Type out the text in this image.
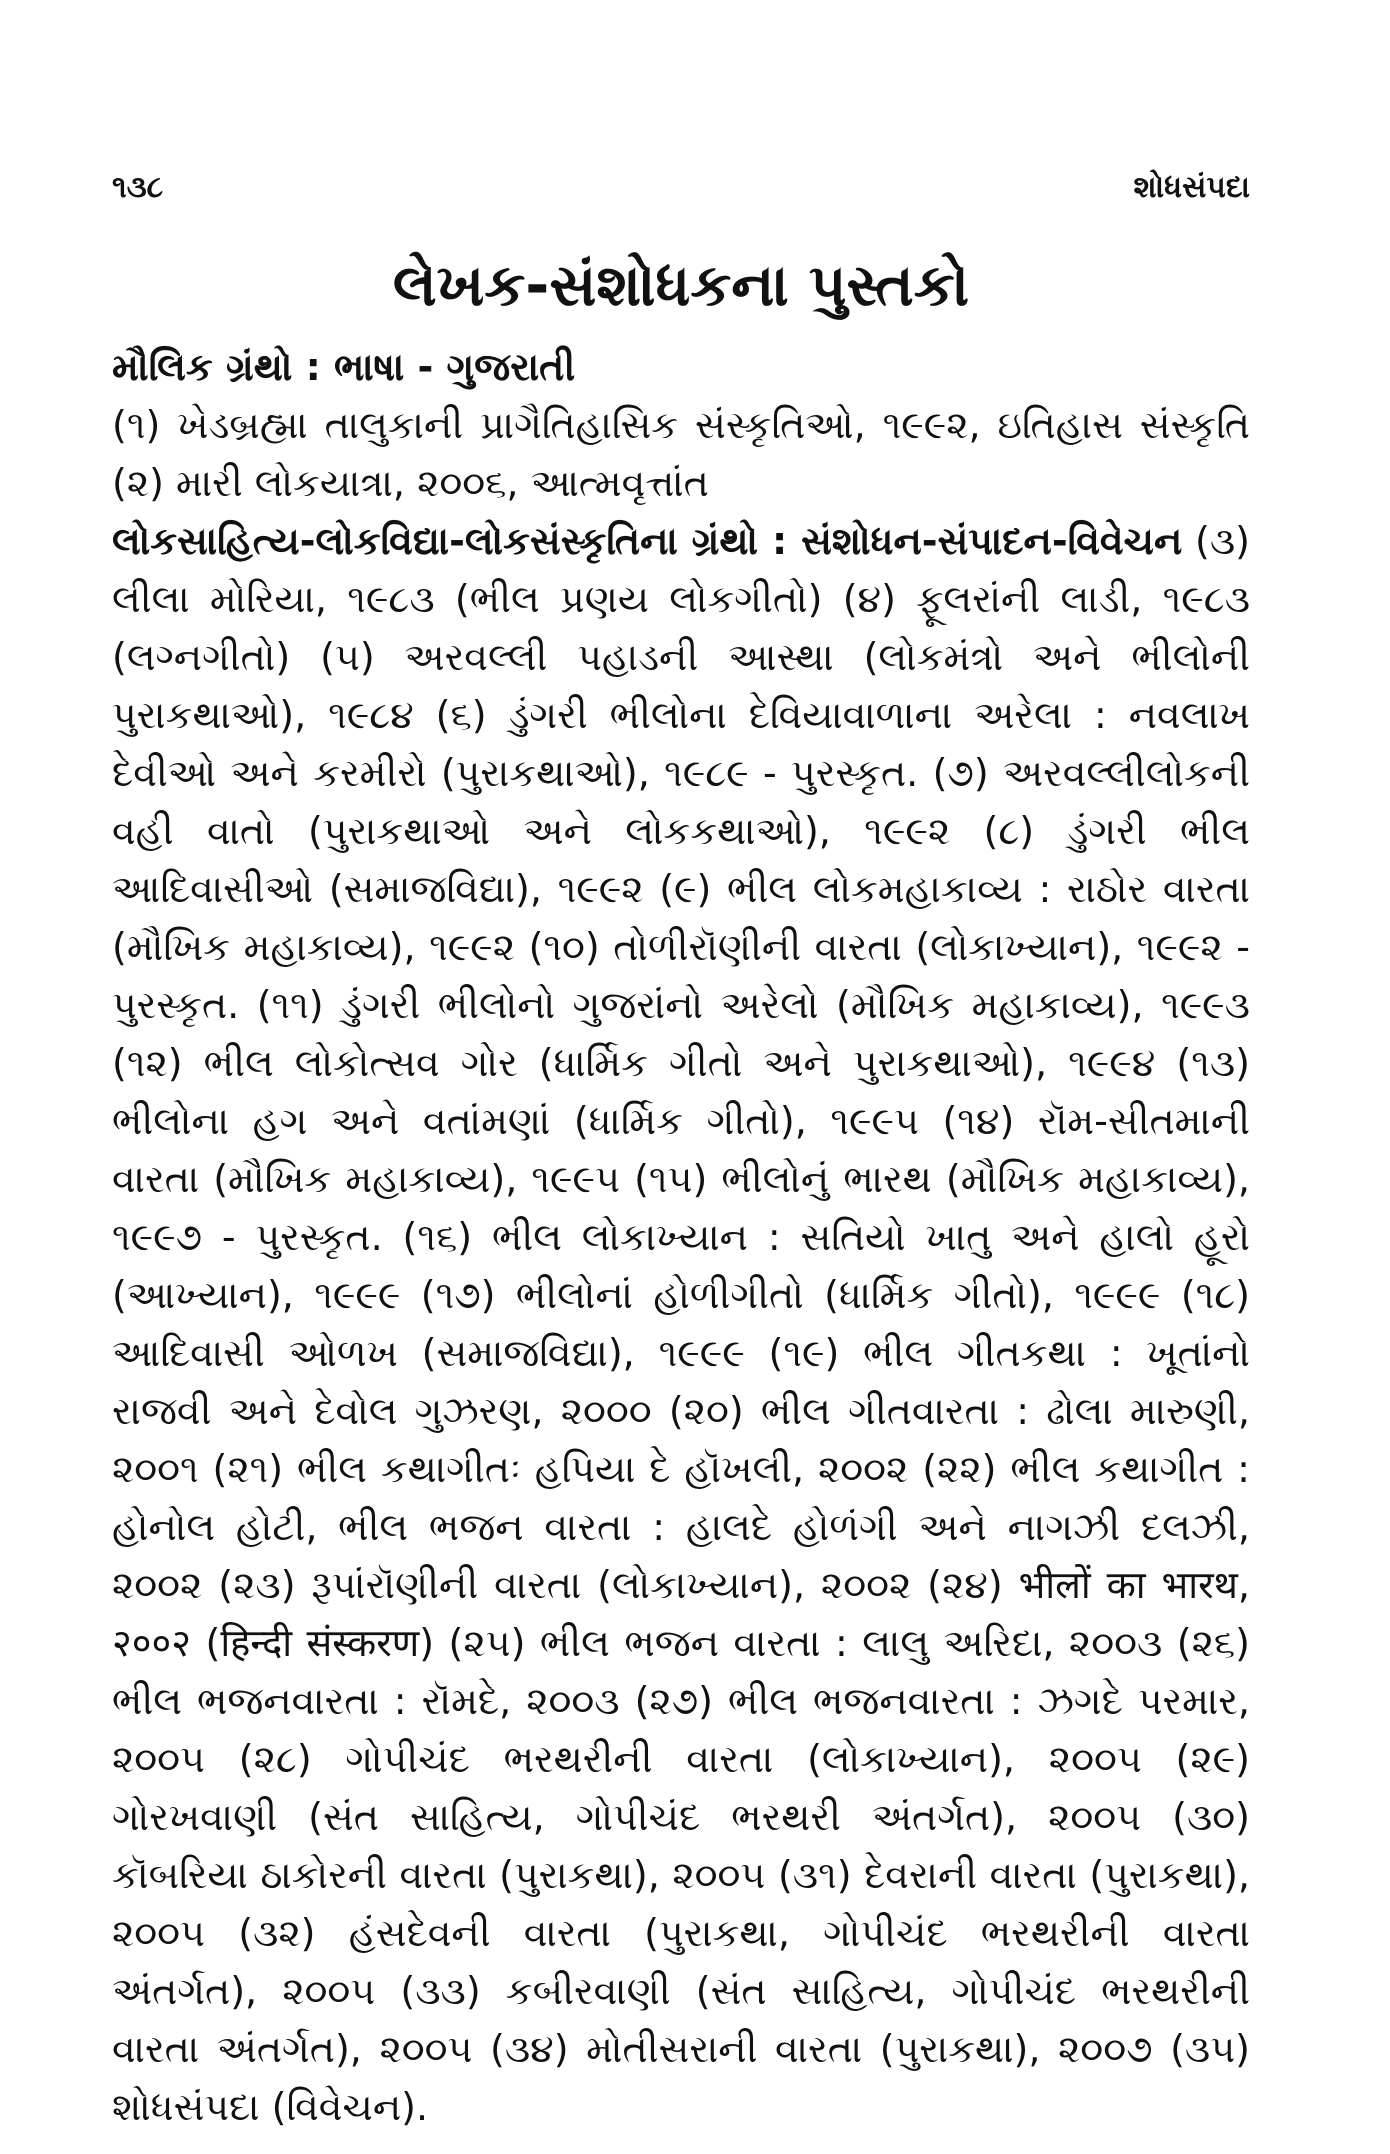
૧૩૮	શોધસંપદા
લેખક-સંશોધકના પુસ્તકો
મૌલિક ગ્રંથો : ભાષા - ગુજરાતી
(૧) ખેડબ્રહ્મા તાલુકાની પ્રાગૈતિહાસિક સંસ્કૃતિઓ, ૧૯૯૨, ઇતિહાસ સંસ્કૃતિ (૨) મારી લોકયાત્રા, ૨૦૦૬, આત્મવૃત્તાંત
લોકસાહિત્ય-લોકવિદ્યા-લોકસંસ્કૃતિના ગ્રંથો : સંશોધન-સંપાદન-વિવેચન (૩) લીલા મોરિયા, ૧૯૮૩ (ભીલ પ્રણય લોકગીતો) (૪) ફૂલરાંની લાડી, ૧૯૮૩ (લગ્નગીતો) (૫) અરવલ્લી પહાડની આસ્થા (લોકમંત્રો અને ભીલોની પુરાકથાઓ), ૧૯૮૪ (૬) ડુંગરી ભીલોના દેવિયાવાળાના અરેલા : નવલાખ દેવીઓ અને કરમીરો (પુરાકથાઓ), ૧૯૮૯ - પુરસ્કૃત. (૭) અરવલ્લીલોકની વહી વાતો (પુરાકથાઓ અને લોકકથાઓ), ૧૯૯૨ (૮) ડુંગરી ભીલ આદિવાસીઓ (સમાજવિદ્યા), ૧૯૯૨ (૯) ભીલ લોકમહાકાવ્ય : રાઠોર વારતા (મૌખિક મહાકાવ્ય), ૧૯૯૨ (૧૦) તોળીરૉણીની વારતા (લોકાખ્યાન), ૧૯૯૨ - પુરસ્કૃત. (૧૧) ડુંગરી ભીલોનો ગુજરાંનો અરેલો (મૌખિક મહાકાવ્ય), ૧૯૯૩ (૧૨) ભીલ લોકોત્સવ ગોર (ધાર્મિક ગીતો અને પુરાકથાઓ), ૧૯૯૪ (૧૩) ભીલોના હગ અને વતાંમણાં (ધાર્મિક ગીતો), ૧૯૯૫ (૧૪) રૉમ-સીતમાની વારતા (મૌખિક મહાકાવ્ય), ૧૯૯૫ (૧૫) ભીલોનું ભારથ (મૌખિક મહાકાવ્ય), ૧૯૯૭ - પુરસ્કૃત. (૧૬) ભીલ લોકાખ્યાન : સતિયો ખાતુ અને હાલો હૂરો (આખ્યાન), ૧૯૯૯ (૧૭) ભીલોનાં હોળીગીતો (ધાર્મિક ગીતો), ૧૯૯૯ (૧૮) આદિવાસી ઓળખ (સમાજવિદ્યા), ૧૯૯૯ (૧૯) ભીલ ગીતકથા : ખૂતાંનો રાજવી અને દેવોલ ગુઝરણ, ૨૦૦૦ (૨૦) ભીલ ગીતવારતા : ઢોલા મારુણી, ૨૦૦૧ (૨૧) ભીલ કથાગીતઃ હપિયા દે હૉખલી, ૨૦૦૨ (૨૨) ભીલ કથાગીત : હોનોલ હોટી, ભીલ ભજન વારતા : હાલદે હોળંગી અને નાગઝી દલઝી, ૨૦૦૨ (૨૩) રૂપાંરૉણીની વારતા (લોકાખ્યાન), ૨૦૦૨ (૨૪) भीलों का भारथ, २००२ (हिन्दी संस्करण) (૨૫) ભીલ ભજન વારતા : લાલુ અરિદા, ૨૦૦૩ (૨૬) ભીલ ભજનવારતા : રૉમદે, ૨૦૦૩ (૨૭) ભીલ ભજનવારતા : ઝગદે પરમાર, ૨૦૦૫ (૨૮) ગોપીચંદ ભરથરીની વારતા (લોકાખ્યાન), ૨૦૦૫ (૨૯) ગોરખવાણી (સંત સાહિત્ય, ગોપીચંદ ભરથરી અંતર્ગત), ૨૦૦૫ (૩૦) કૉબરિયા ઠાકોરની વારતા (પુરાકથા), ૨૦૦૫ (૩૧) દેવરાની વારતા (પુરાકથા), ૨૦૦૫ (૩૨) હંસદેવની વારતા (પુરાકથા, ગોપીચંદ ભરથરીની વારતા અંતર્ગત), ૨૦૦૫ (૩૩) કબીરવાણી (સંત સાહિત્ય, ગોપીચંદ ભરથરીની વારતા અંતર્ગત), ૨૦૦૫ (૩૪) મોતીસરાની વારતા (પુરાકથા), ૨૦૦૭ (૩૫) શોધસંપદા (વિવેચન).
